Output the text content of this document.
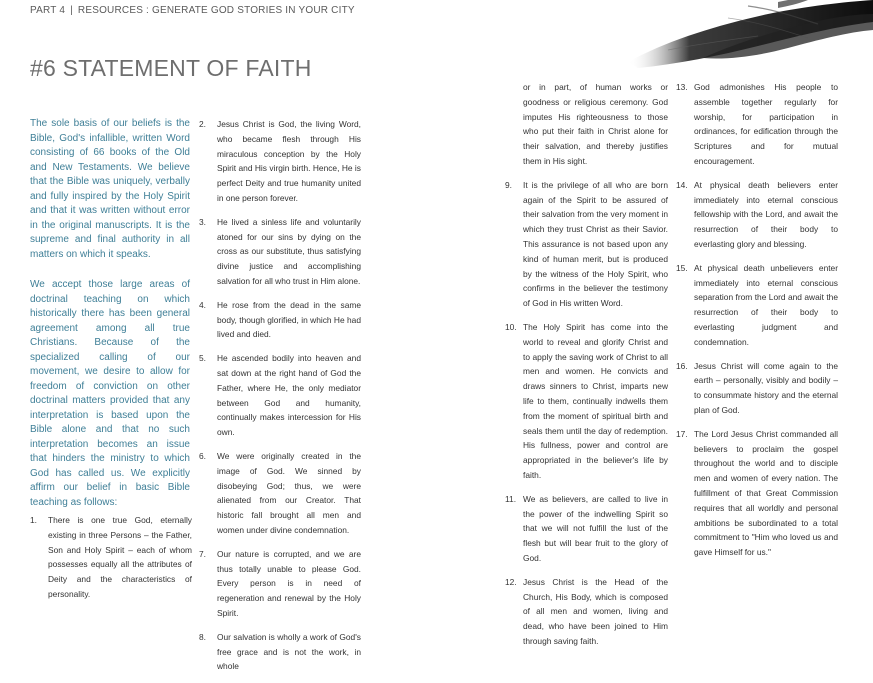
PART 4 | RESOURCES : GENERATE GOD STORIES IN YOUR CITY
#6 STATEMENT OF FAITH

The sole basis of our beliefs is the Bible, God's infallible, written Word consisting of 66 books of the Old and New Testaments. We believe that the Bible was uniquely, verbally and fully inspired by the Holy Spirit and that it was written without error in the original manuscripts. It is the supreme and final authority in all matters on which it speaks.

We accept those large areas of doctrinal teaching on which historically there has been general agreement among all true Christians. Because of the specialized calling of our movement, we desire to allow for freedom of conviction on other doctrinal matters provided that any interpretation is based upon the Bible alone and that no such interpretation becomes an issue that hinders the ministry to which God has called us. We explicitly affirm our belief in basic Bible teaching as follows:

1. There is one true God, eternally existing in three Persons – the Father, Son and Holy Spirit – each of whom possesses equally all the attributes of Deity and the characteristics of personality.
2. Jesus Christ is God, the living Word, who became flesh through His miraculous conception by the Holy Spirit and His virgin birth. Hence, He is perfect Deity and true humanity united in one person forever.
3. He lived a sinless life and voluntarily atoned for our sins by dying on the cross as our substitute, thus satisfying divine justice and accomplishing salvation for all who trust in Him alone.
4. He rose from the dead in the same body, though glorified, in which He had lived and died.
5. He ascended bodily into heaven and sat down at the right hand of God the Father, where He, the only mediator between God and humanity, continually makes intercession for His own.
6. We were originally created in the image of God. We sinned by disobeying God; thus, we were alienated from our Creator. That historic fall brought all men and women under divine condemnation.
7. Our nature is corrupted, and we are thus totally unable to please God. Every person is in need of regeneration and renewal by the Holy Spirit.
8. Our salvation is wholly a work of God's free grace and is not the work, in whole
or in part, of human works or goodness or religious ceremony. God imputes His righteousness to those who put their faith in Christ alone for their salvation, and thereby justifies them in His sight.
9. It is the privilege of all who are born again of the Spirit to be assured of their salvation from the very moment in which they trust Christ as their Savior. This assurance is not based upon any kind of human merit, but is produced by the witness of the Holy Spirit, who confirms in the believer the testimony of God in His written Word.
10. The Holy Spirit has come into the world to reveal and glorify Christ and to apply the saving work of Christ to all men and women. He convicts and draws sinners to Christ, imparts new life to them, continually indwells them from the moment of spiritual birth and seals them until the day of redemption. His fullness, power and control are appropriated in the believer's life by faith.
11. We as believers, are called to live in the power of the indwelling Spirit so that we will not fulfill the lust of the flesh but will bear fruit to the glory of God.
12. Jesus Christ is the Head of the Church, His Body, which is composed of all men and women, living and dead, who have been joined to Him through saving faith.
13. God admonishes His people to assemble together regularly for worship, for participation in ordinances, for edification through the Scriptures and for mutual encouragement.
14. At physical death believers enter immediately into eternal conscious fellowship with the Lord, and await the resurrection of their body to everlasting glory and blessing.
15. At physical death unbelievers enter immediately into eternal conscious separation from the Lord and await the resurrection of their body to everlasting judgment and condemnation.
16. Jesus Christ will come again to the earth – personally, visibly and bodily – to consummate history and the eternal plan of God.
17. The Lord Jesus Christ commanded all believers to proclaim the gospel throughout the world and to disciple men and women of every nation. The fulfillment of that Great Commission requires that all worldly and personal ambitions be subordinated to a total commitment to "Him who loved us and gave Himself for us."
